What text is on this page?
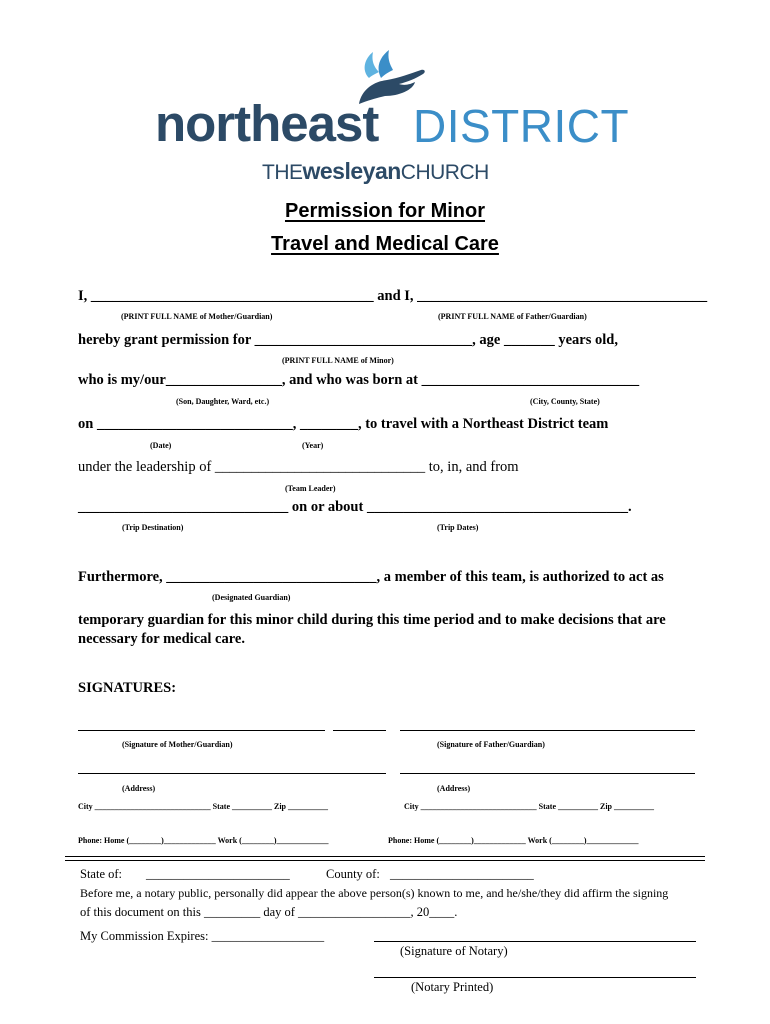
northeast DISTRICT
THEwesleyanCHURCH
Permission for Minor
Travel and Medical Care
I, _______________________________________ and I, ________________________________________
(PRINT FULL NAME of Mother/Guardian)	(PRINT FULL NAME of Father/Guardian)
hereby grant permission for ______________________________, age _______ years old,
(PRINT FULL NAME of Minor)
who is my/our________________, and who was born at ______________________________
(Son, Daughter, Ward, etc.)	(City, County, State)
on ___________________________, ________, to travel with a Northeast District team
(Date)	(Year)
under the leadership of _____________________________ to, in, and from
(Team Leader)
_____________________________ on or about ____________________________________.
(Trip Destination)	(Trip Dates)
Furthermore, _____________________________, a member of this team, is authorized to act as
(Designated Guardian)
temporary guardian for this minor child during this time period and to make decisions that are
necessary for medical care.
SIGNATURES:
(Signature of Mother/Guardian)	(Signature of Father/Guardian)
(Address)	(Address)
City _____________________________ State __________ Zip __________	City _____________________________ State __________ Zip __________
Phone: Home (________)_____________ Work (________)_____________	Phone: Home (________)_____________ Work (________)_____________
State of: _______________________	County of: _______________________
Before me, a notary public, personally did appear the above person(s) known to me, and he/she/they did affirm the signing
of this document on this _________ day of __________________, 20____.
My Commission Expires: __________________
(Signature of Notary)
(Notary Printed)
